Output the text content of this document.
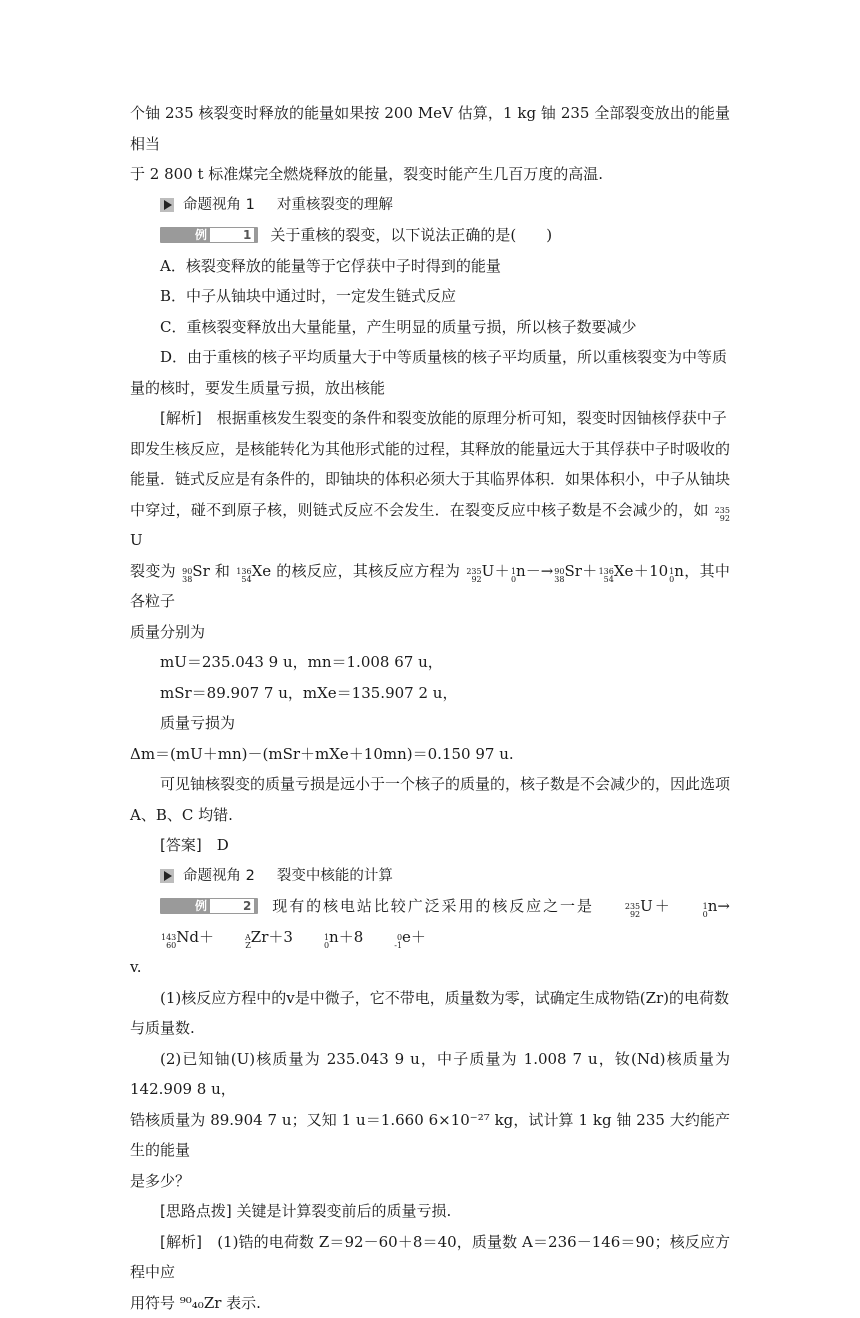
个铀 235 核裂变时释放的能量如果按 200 MeV 估算，1 kg 铀 235 全部裂变放出的能量相当

于 2 800 t 标准煤完全燃烧释放的能量，裂变时能产生几百万度的高温.

命题视角 1 对重核裂变的理解

例	1 关于重核的裂变，以下说法正确的是(　　)

A．核裂变释放的能量等于它俘获中子时得到的能量

B．中子从铀块中通过时，一定发生链式反应

C．重核裂变释放出大量能量，产生明显的质量亏损，所以核子数要减少

D．由于重核的核子平均质量大于中等质量核的核子平均质量，所以重核裂变为中等质

量的核时，要发生质量亏损，放出核能

[解析]　 根据重核发生裂变的条件和裂变放能的原理分析可知，裂变时因铀核俘获中子

即发生核反应，是核能转化为其他形式能的过程，其释放的能量远大于其俘获中子时吸收的

能量．链式反应是有条件的，即铀块的体积必须大于其临界体积．如果体积小，中子从铀块

中穿过，碰不到原子核，则链式反应不会发生．在裂变反应中核子数是不会减少的，如 235
92
U

裂变为 90
38 Sr 和 136
54 Xe 的核反应，其核反应方程为 235
92 U＋ 1
0 n－→ 90
38 Sr＋ 136
54 Xe＋10 1
0 n，其中各粒子

质量分别为

mU＝235.043 9 u，mn＝1.008 67 u，

mSr＝89.907 7 u，mXe＝135.907 2 u，

质量亏损为

Δm＝(mU＋mn)－(mSr＋mXe＋10mn)＝0.150 97 u.

可见铀核裂变的质量亏损是远小于一个核子的质量的，核子数是不会减少的，因此选项

A、B、C 均错.

[答案]　 D

命题视角 2 裂变中核能的计算

例	2 现有的核电站比较广泛采用的核反应之一是	235
92 U＋	1
0 n→
143
60 Nd＋	A
Z Zr＋3	1
0 n＋8	0
-1 e＋

v.

(1)核反应方程中的v是中微子，它不带电，质量数为零，试确定生成物锆(Zr)的电荷数

与质量数.

(2)已知铀(U)核质量为 235.043 9 u，中子质量为 1.008 7 u，钕(Nd)核质量为 142.909 8 u，

锆核质量为 89.904 7 u；又知 1 u＝1.660 6×10⁻²⁷ kg，试计算 1 kg 铀 235 大约能产生的能量

是多少？

[思路点拨] 关键是计算裂变前后的质量亏损.

[解析]　 (1)锆的电荷数 Z＝92－60＋8＝40，质量数 A＝236－146＝90；核反应方程中应

用符号 ⁹⁰₄₀Zr 表示.
